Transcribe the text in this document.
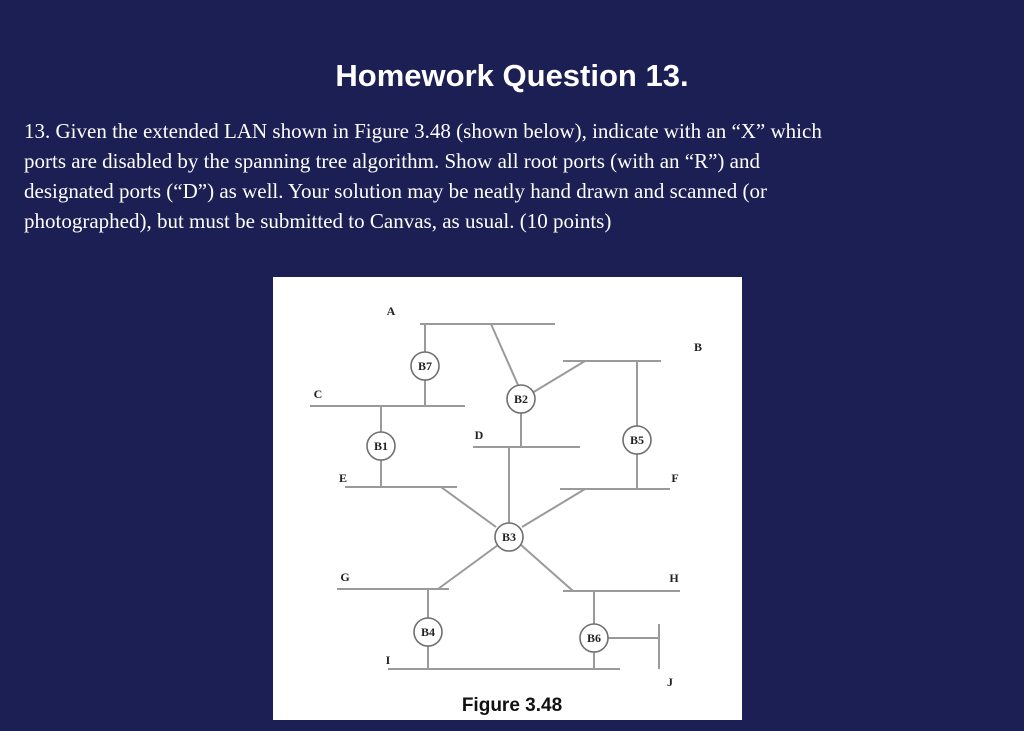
Homework Question 13.
13. Given the extended LAN shown in Figure 3.48 (shown below), indicate with an “X” which
ports are disabled by the spanning tree algorithm. Show all root ports (with an “R”) and
designated ports (“D”) as well. Your solution may be neatly hand drawn and scanned (or
photographed), but must be submitted to Canvas, as usual. (10 points)
B7
B1
B2
B5
B3
B4	B6
A
B
C
D
E	F
G	H
I
J
Figure 3.48
